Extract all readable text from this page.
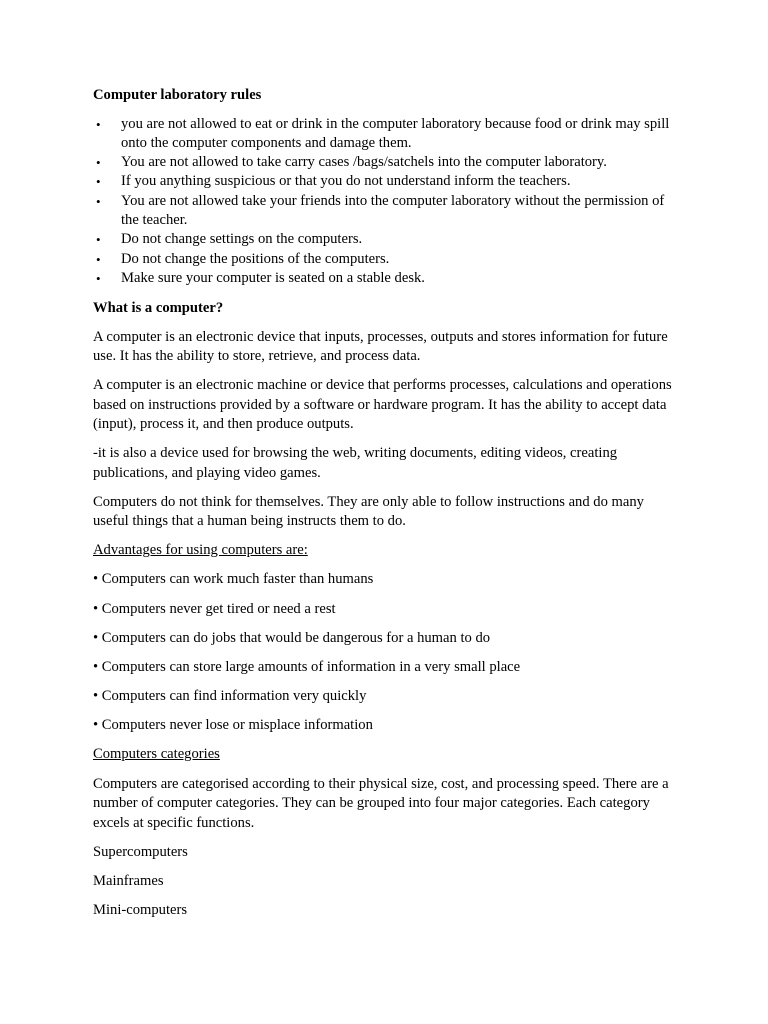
Computer laboratory rules
• you are not allowed to eat or drink in the computer laboratory because food or drink may spill onto the computer components and damage them.
• You are not allowed to take carry cases /bags/satchels into the computer laboratory.
• If you anything suspicious or that you do not understand inform the teachers.
• You are not allowed take your friends into the computer laboratory without the permission of the teacher.
• Do not change settings on the computers.
• Do not change the positions of the computers.
• Make sure your computer is seated on a stable desk.
What is a computer?

A computer is an electronic device that inputs, processes, outputs and stores information for future use. It has the ability to store, retrieve, and process data.

A computer is an electronic machine or device that performs processes, calculations and operations based on instructions provided by a software or hardware program. It has the ability to accept data (input), process it, and then produce outputs.

-it is also a device used for browsing the web, writing documents, editing videos, creating publications, and playing video games.

Computers do not think for themselves. They are only able to follow instructions and do many useful things that a human being instructs them to do.

Advantages for using computers are:

• Computers can work much faster than humans

• Computers never get tired or need a rest

• Computers can do jobs that would be dangerous for a human to do

• Computers can store large amounts of information in a very small place

• Computers can find information very quickly

• Computers never lose or misplace information

Computers categories

Computers are categorised according to their physical size, cost, and processing speed. There are a number of computer categories. They can be grouped into four major categories. Each category excels at specific functions.

Supercomputers

Mainframes

Mini-computers
